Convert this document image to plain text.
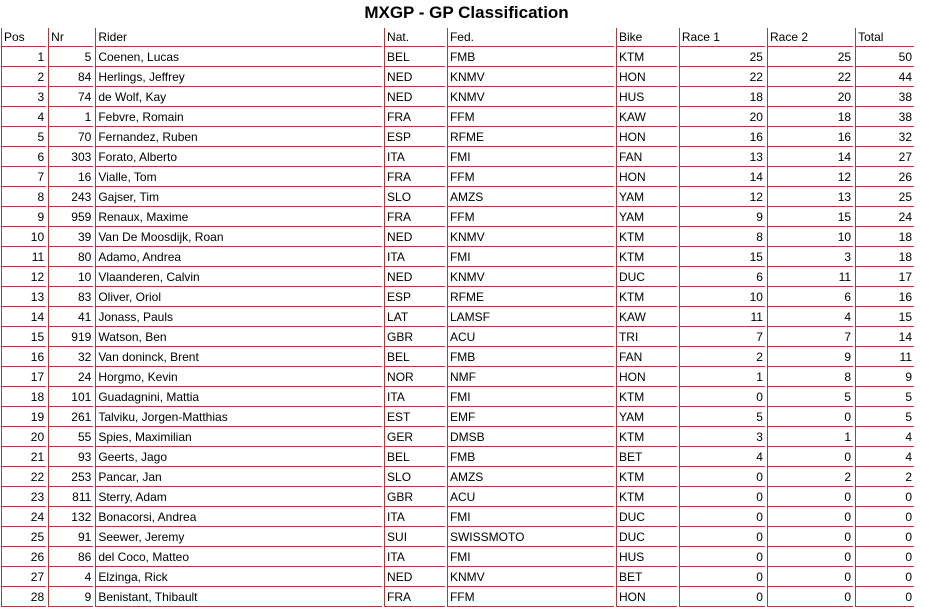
MXGP - GP Classification
Pos	Nr	Rider	Nat.	Fed.	Bike	Race 1	Race 2	Total
1	5	Coenen, Lucas	BEL	FMB	KTM	25	25	50
2	84	Herlings, Jeffrey	NED	KNMV	HON	22	22	44
3	74	de Wolf, Kay	NED	KNMV	HUS	18	20	38
4	1	Febvre, Romain	FRA	FFM	KAW	20	18	38
5	70	Fernandez, Ruben	ESP	RFME	HON	16	16	32
6	303	Forato, Alberto	ITA	FMI	FAN	13	14	27
7	16	Vialle, Tom	FRA	FFM	HON	14	12	26
8	243	Gajser, Tim	SLO	AMZS	YAM	12	13	25
9	959	Renaux, Maxime	FRA	FFM	YAM	9	15	24
10	39	Van De Moosdijk, Roan	NED	KNMV	KTM	8	10	18
11	80	Adamo, Andrea	ITA	FMI	KTM	15	3	18
12	10	Vlaanderen, Calvin	NED	KNMV	DUC	6	11	17
13	83	Oliver, Oriol	ESP	RFME	KTM	10	6	16
14	41	Jonass, Pauls	LAT	LAMSF	KAW	11	4	15
15	919	Watson, Ben	GBR	ACU	TRI	7	7	14
16	32	Van doninck, Brent	BEL	FMB	FAN	2	9	11
17	24	Horgmo, Kevin	NOR	NMF	HON	1	8	9
18	101	Guadagnini, Mattia	ITA	FMI	KTM	0	5	5
19	261	Talviku, Jorgen-Matthias	EST	EMF	YAM	5	0	5
20	55	Spies, Maximilian	GER	DMSB	KTM	3	1	4
21	93	Geerts, Jago	BEL	FMB	BET	4	0	4
22	253	Pancar, Jan	SLO	AMZS	KTM	0	2	2
23	811	Sterry, Adam	GBR	ACU	KTM	0	0	0
24	132	Bonacorsi, Andrea	ITA	FMI	DUC	0	0	0
25	91	Seewer, Jeremy	SUI	SWISSMOTO	DUC	0	0	0
26	86	del Coco, Matteo	ITA	FMI	HUS	0	0	0
27	4	Elzinga, Rick	NED	KNMV	BET	0	0	0
28	9	Benistant, Thibault	FRA	FFM	HON	0	0	0
